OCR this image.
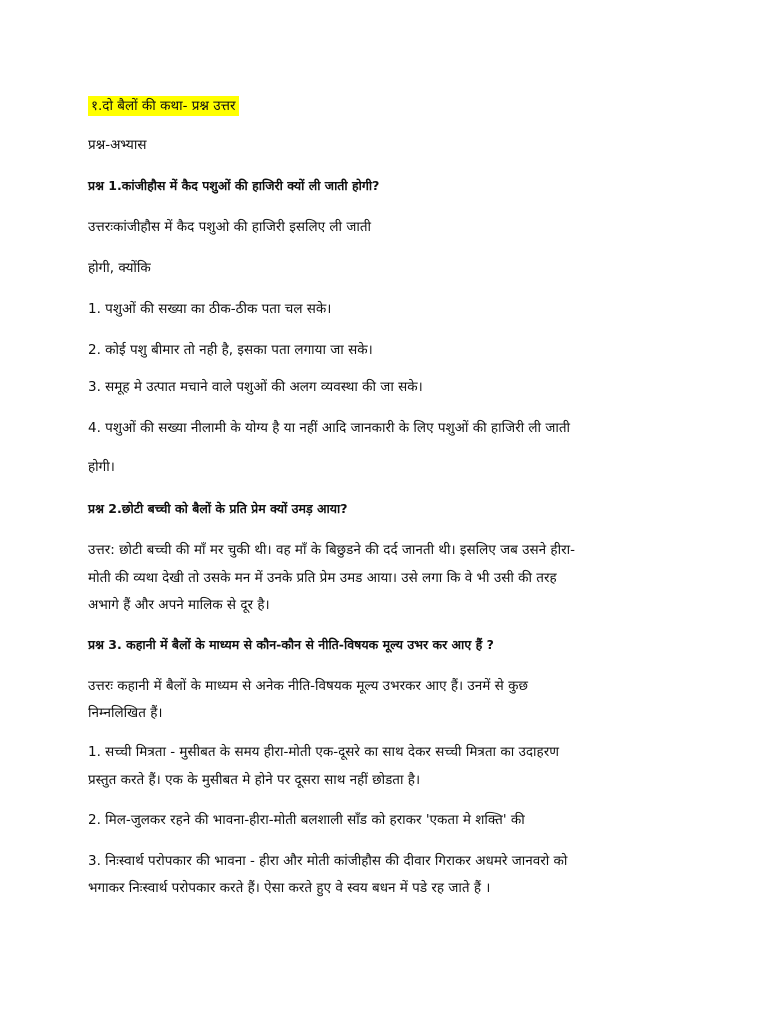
१.दो बैलों की कथा- प्रश्न उत्तर

प्रश्न-अभ्यास

प्रश्न 1.कांजीहौस में कैद पशुओं की हाजिरी क्यों ली जाती होगी?

उत्तरःकांजीहौस में कैद पशुओ की हाजिरी इसलिए ली जाती

होगी, क्योंकि

1. पशुओं की सख्या का ठीक-ठीक पता चल सके।

2. कोई पशु बीमार तो नही है, इसका पता लगाया जा सके।

3. समूह मे उत्पात मचाने वाले पशुओं की अलग व्यवस्था की जा सके।

4. पशुओं की सख्या नीलामी के योग्य है या नहीं आदि जानकारी के लिए पशुओं की हाजिरी ली जाती

होगी।

प्रश्न 2.छोटी बच्ची को बैलों के प्रति प्रेम क्यों उमड़ आया?

उत्तर: छोटी बच्ची की माँ मर चुकी थी। वह माँ के बिछुडने की दर्द जानती थी। इसलिए जब उसने हीरा-

मोती की व्यथा देखी तो उसके मन में उनके प्रति प्रेम उमड आया। उसे लगा कि वे भी उसी की तरह

अभागे हैं और अपने मालिक से दूर है।

प्रश्न 3. कहानी में बैलों के माध्यम से कौन-कौन से नीति-विषयक मूल्य उभर कर आए हैं ?

उत्तरः कहानी में बैलों के माध्यम से अनेक नीति-विषयक मूल्य उभरकर आए हैं। उनमें से कुछ

निम्नलिखित हैं।

1. सच्ची मित्रता - मुसीबत के समय हीरा-मोती एक-दूसरे का साथ देकर सच्ची मित्रता का उदाहरण

प्रस्तुत करते हैं। एक के मुसीबत मे होने पर दूसरा साथ नहीं छोडता है।

2. मिल-जुलकर रहने की भावना-हीरा-मोती बलशाली साँड को हराकर 'एकता मे शक्ति' की

3. निःस्वार्थ परोपकार की भावना - हीरा और मोती कांजीहौस की दीवार गिराकर अधमरे जानवरो को

भगाकर निःस्वार्थ परोपकार करते हैं। ऐसा करते हुए वे स्वय बधन में पडे रह जाते हैं ।
